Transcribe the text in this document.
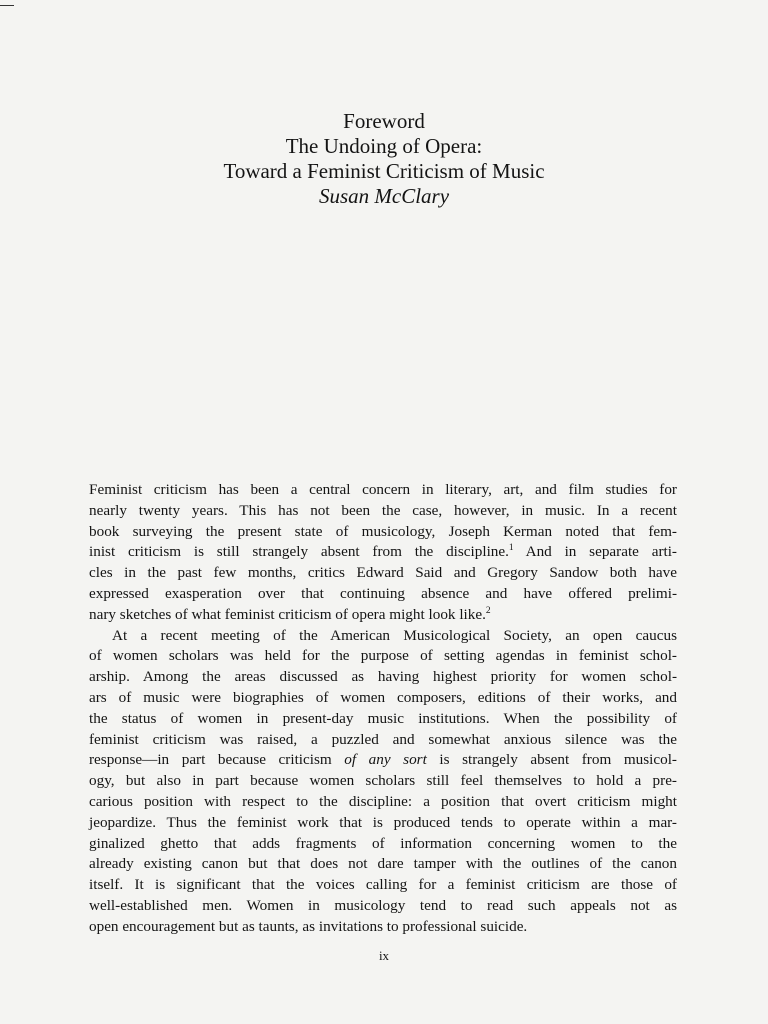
Foreword
The Undoing of Opera:
Toward a Feminist Criticism of Music
Susan McClary
Feminist criticism has been a central concern in literary, art, and film studies for
nearly twenty years. This has not been the case, however, in music. In a recent
book surveying the present state of musicology, Joseph Kerman noted that fem-
inist criticism is still strangely absent from the discipline.$^1$ And in separate arti-
cles in the past few months, critics Edward Said and Gregory Sandow both have
expressed exasperation over that continuing absence and have offered prelimi-
nary sketches of what feminist criticism of opera might look like.$^2$
At a recent meeting of the American Musicological Society, an open caucus
of women scholars was held for the purpose of setting agendas in feminist schol-
arship. Among the areas discussed as having highest priority for women schol-
ars of music were biographies of women composers, editions of their works, and
the status of women in present-day music institutions. When the possibility of
feminist criticism was raised, a puzzled and somewhat anxious silence was the
response—in part because criticism of any sort is strangely absent from musicol-
ogy, but also in part because women scholars still feel themselves to hold a pre-
carious position with respect to the discipline: a position that overt criticism might
jeopardize. Thus the feminist work that is produced tends to operate within a mar-
ginalized ghetto that adds fragments of information concerning women to the
already existing canon but that does not dare tamper with the outlines of the canon
itself. It is significant that the voices calling for a feminist criticism are those of
well-established men. Women in musicology tend to read such appeals not as
open encouragement but as taunts, as invitations to professional suicide.
ix
